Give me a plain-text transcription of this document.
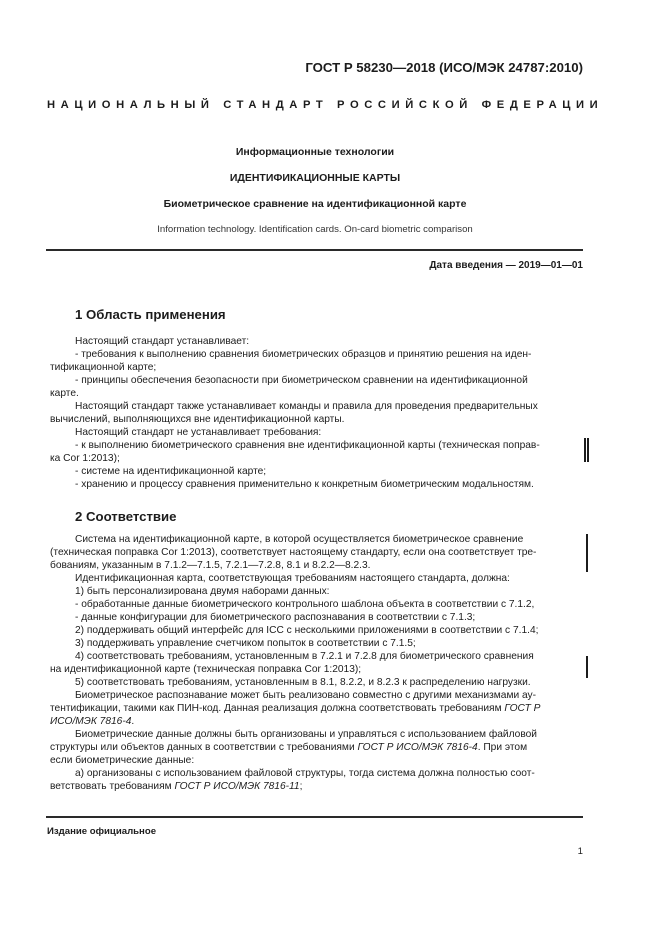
ГОСТ Р 58230—2018 (ИСО/МЭК 24787:2010)
НАЦИОНАЛЬНЫЙ СТАНДАРТ РОССИЙСКОЙ ФЕДЕРАЦИИ
Информационные технологии
ИДЕНТИФИКАЦИОННЫЕ КАРТЫ
Биометрическое сравнение на идентификационной карте
Information technology. Identification cards. On-card biometric comparison
Дата введения — 2019—01—01
1 Область применения

Настоящий стандарт устанавливает:

- требования к выполнению сравнения биометрических образцов и принятию решения на иден-

тификационной карте;

- принципы обеспечения безопасности при биометрическом сравнении на идентификационной

карте.

Настоящий стандарт также устанавливает команды и правила для проведения предварительных

вычислений, выполняющихся вне идентификационной карты.

Настоящий стандарт не устанавливает требования:

- к выполнению биометрического сравнения вне идентификационной карты (техническая поправ-

ка Cor 1:2013);

- системе на идентификационной карте;

- хранению и процессу сравнения применительно к конкретным биометрическим модальностям.

2 Соответствие

Система на идентификационной карте, в которой осуществляется биометрическое сравнение

(техническая поправка Cor 1:2013), соответствует настоящему стандарту, если она соответствует тре-

бованиям, указанным в 7.1.2—7.1.5, 7.2.1—7.2.8, 8.1 и 8.2.2—8.2.3.

Идентификационная карта, соответствующая требованиям настоящего стандарта, должна:

1) быть персонализирована двумя наборами данных:

- обработанные данные биометрического контрольного шаблона объекта в соответствии с 7.1.2,

- данные конфигурации для биометрического распознавания в соответствии с 7.1.3;

2) поддерживать общий интерфейс для ICC с несколькими приложениями в соответствии с 7.1.4;

3) поддерживать управление счетчиком попыток в соответствии с 7.1.5;

4) соответствовать требованиям, установленным в 7.2.1 и 7.2.8 для биометрического сравнения

на идентификационной карте (техническая поправка Cor 1:2013);

5) соответствовать требованиям, установленным в 8.1, 8.2.2, и 8.2.3 к распределению нагрузки.

Биометрическое распознавание может быть реализовано совместно с другими механизмами ау-

тентификации, такими как ПИН-код. Данная реализация должна соответствовать требованиям ГОСТ Р

ИСО/МЭК 7816-4.

Биометрические данные должны быть организованы и управляться с использованием файловой

структуры или объектов данных в соответствии с требованиями ГОСТ Р ИСО/МЭК 7816-4. При этом

если биометрические данные:

а) организованы с использованием файловой структуры, тогда система должна полностью соот-

ветствовать требованиям ГОСТ Р ИСО/МЭК 7816-11;

Издание официальное
1
